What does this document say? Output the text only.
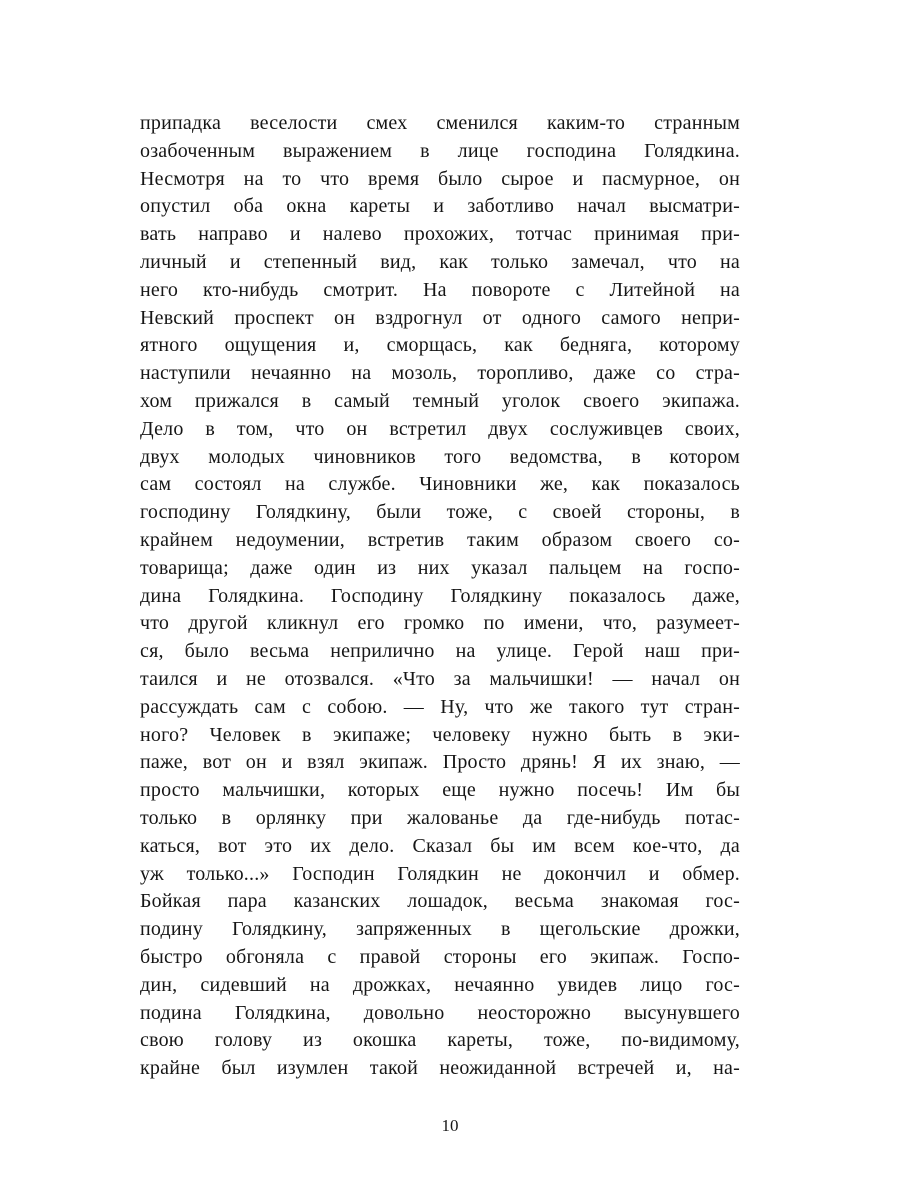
припадка веселости смех сменился каким-то странным
озабоченным выражением в лице господина Голядкина.
Несмотря на то что время было сырое и пасмурное, он
опустил оба окна кареты и заботливо начал высматри-
вать направо и налево прохожих, тотчас принимая при-
личный и степенный вид, как только замечал, что на
него кто-нибудь смотрит. На повороте с Литейной на
Невский проспект он вздрогнул от одного самого непри-
ятного ощущения и, сморщась, как бедняга, которому
наступили нечаянно на мозоль, торопливо, даже со стра-
хом прижался в самый темный уголок своего экипажа.
Дело в том, что он встретил двух сослуживцев своих,
двух молодых чиновников того ведомства, в котором
сам состоял на службе. Чиновники же, как показалось
господину Голядкину, были тоже, с своей стороны, в
крайнем недоумении, встретив таким образом своего со-
товарища; даже один из них указал пальцем на госпо-
дина Голядкина. Господину Голядкину показалось даже,
что другой кликнул его громко по имени, что, разумеет-
ся, было весьма неприлично на улице. Герой наш при-
таился и не отозвался. «Что за мальчишки! — начал он
рассуждать сам с собою. — Ну, что же такого тут стран-
ного? Человек в экипаже; человеку нужно быть в эки-
паже, вот он и взял экипаж. Просто дрянь! Я их знаю, —
просто мальчишки, которых еще нужно посечь! Им бы
только в орлянку при жалованье да где-нибудь потас-
каться, вот это их дело. Сказал бы им всем кое-что, да
уж только...» Господин Голядкин не докончил и обмер.
Бойкая пара казанских лошадок, весьма знакомая гос-
подину Голядкину, запряженных в щегольские дрожки,
быстро обгоняла с правой стороны его экипаж. Госпо-
дин, сидевший на дрожках, нечаянно увидев лицо гос-
подина Голядкина, довольно неосторожно высунувшего
свою голову из окошка кареты, тоже, по-видимому,
крайне был изумлен такой неожиданной встречей и, на-
10
